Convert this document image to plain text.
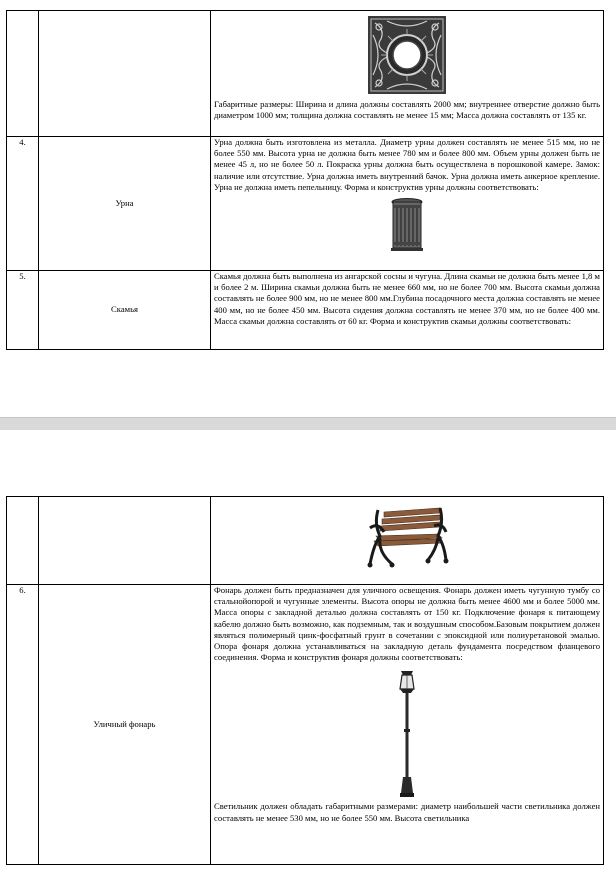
		Габаритные размеры: Ширина и длина должны составлять 2000 мм; внутреннее отверстие должно быть диаметром 1000 мм; толщина должна составлять не менее 15 мм; Масса должна составлять от 135 кг.

4.	Урна	Урна должна быть изготовлена из металла. Диаметр урны должен составлять не менее 515 мм, но не более 550 мм. Высота урна не должна быть менее 780 мм и более 800 мм. Объем урны должен быть не менее 45 л, но не более 50 л. Покраска урны должна быть осуществлена в порошковой камере. Замок: наличие или отсутствие. Урна должна иметь внутренний бачок. Урна должна иметь анкерное крепление. Урна не должна иметь пепельницу. Форма и конструктив урны должны соответствовать:

5.	Скамья	Скамья должна быть выполнена из ангарской сосны и чугуна. Длина скамьи не должна быть менее 1,8 м и более 2 м. Ширина скамьи должна быть не менее 660 мм, но не более 700 мм. Высота скамьи должна составлять не более 900 мм, но не менее 800 мм.Глубина посадочного места должна составлять не менее 400 мм, но не более 450 мм. Высота сидения должна составлять не менее 370 мм, но не более 400 мм. Масса скамьи должна составлять от 60 кг. Форма и конструктив скамьи должны соответствовать:

6.	Уличный фонарь	Фонарь должен быть предназначен для уличного освещения. Фонарь должен иметь чугунную тумбу со стальнойопорой и чугунные элементы. Высота опоры не должна быть менее 4600 мм и более 5000 мм. Масса опоры с закладной деталью должна составлять от 150 кг. Подключение фонаря к питающему кабелю должно быть возможно, как подземным, так и воздушным способом.Базовым покрытием должен являться полимерный цинк-фосфатный грунт в сочетании с эпоксидной или полиуретановой эмалью. Опора фонаря должна устанавливаться на закладную деталь фундамента посредством фланцевого соединения. Форма и конструктив фонаря должны соответствовать:

Светильник должен обладать габаритными размерами: диаметр наибольшей части светильника должен составлять не менее 530 мм, но не более 550 мм. Высота светильника
